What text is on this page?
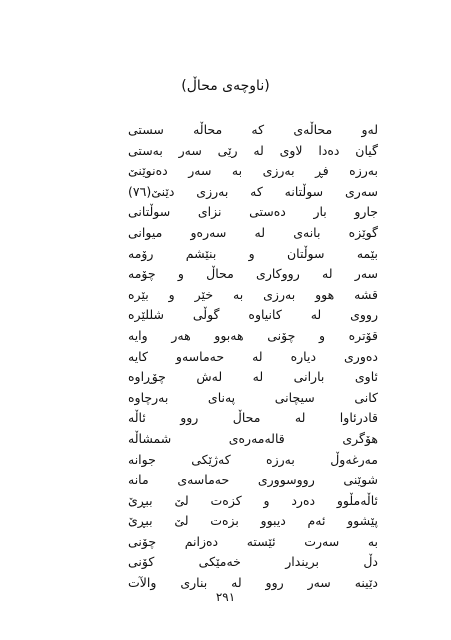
(ناوچەی محاڵ)
لەو محاڵەی کە محاڵە سستی
گیان دەدا لاوی لە رێی سەر بەستی
بەرزە فڕ بەرزی بە سەر دەنوێنێ
سەری سوڵتانە کە بەرزی دێنێ(٧٦)
جارو بار دەستی نزای سوڵتانی
گوێزە بانەی لە سەرەو میوانی
بێمە سوڵتان و بنێشم رۆمە
سەر لە رووکاری محاڵ و چۆمە
قشە هوو بەرزی بە خێر و بێرە
رووی لە کانیاوە گوڵی شللێرە
قۆترە و چۆنی هەبوو هەر وایە
دەوری دیارە لە حەماسەو کایە
ئاوی بارانی لە لەش چۆڕاوە
کانی سیچانی پەنای بەرچاوە
قادرئاوا لە محاڵ روو ئاڵە
هۆگری قالەمەرەی شمشاڵە
مەرغەوڵ بەرزە کەژێکی جوانە
شوێنی رووسووری حەماسەی مانە
ئاڵەمڵوو دەرد و کزەت لێ ببڕێ
پێشوو ئەم دیبوو بزەت لێ ببڕێ
بە سەرت ئێستە دەزانم چۆنی
دڵ بریندار خەمێکی کۆنی
دێینە سەر روو لە بناری والآت
٢٩١
